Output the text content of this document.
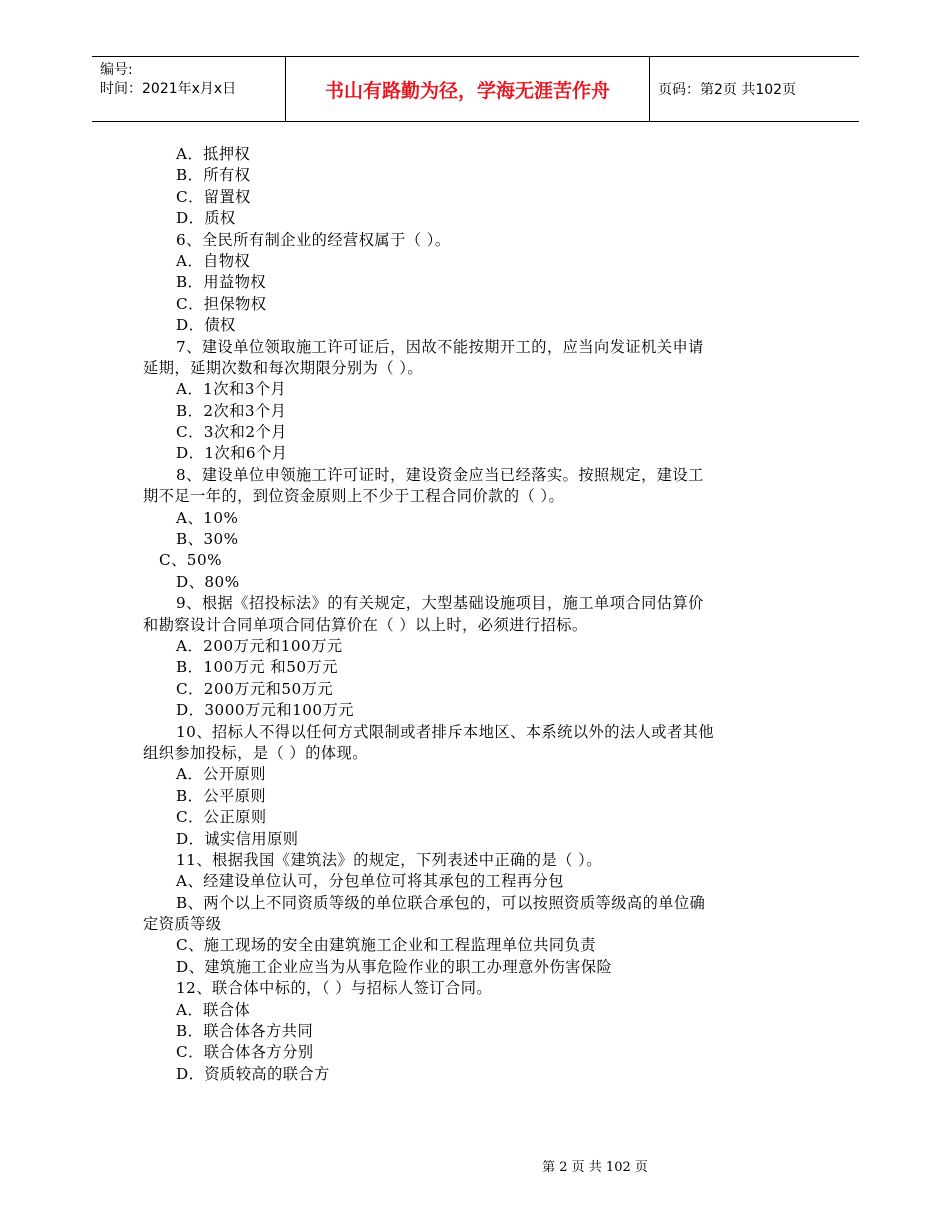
编号:
时间：2021年x月x日	书山有路勤为径，学海无涯苦作舟	页码：第2页 共102页
A．抵押权
B．所有权
C．留置权
D．质权
6、全民所有制企业的经营权属于（ ）。
A．自物权
B．用益物权
C．担保物权
D．债权
7、建设单位领取施工许可证后，因故不能按期开工的，应当向发证机关申请
延期，延期次数和每次期限分别为（ ）。
A．1次和3个月
B．2次和3个月
C．3次和2个月
D．1次和6个月
8、建设单位申领施工许可证时，建设资金应当已经落实。按照规定，建设工
期不足一年的，到位资金原则上不少于工程合同价款的（ ）。
A、10%
B、30%
C、50%
D、80%
9、根据《招投标法》的有关规定，大型基础设施项目，施工单项合同估算价
和勘察设计合同单项合同估算价在（ ）以上时，必须进行招标。
A．200万元和100万元
B．100万元 和50万元
C．200万元和50万元
D．3000万元和100万元
10、招标人不得以任何方式限制或者排斥本地区、本系统以外的法人或者其他
组织参加投标，是（ ）的体现。
A．公开原则
B．公平原则
C．公正原则
D．诚实信用原则
11、根据我国《建筑法》的规定，下列表述中正确的是（ ）。
A、经建设单位认可，分包单位可将其承包的工程再分包
B、两个以上不同资质等级的单位联合承包的，可以按照资质等级高的单位确
定资质等级
C、施工现场的安全由建筑施工企业和工程监理单位共同负责
D、建筑施工企业应当为从事危险作业的职工办理意外伤害保险
12、联合体中标的，（ ）与招标人签订合同。
A．联合体
B．联合体各方共同
C．联合体各方分别
D．资质较高的联合方
第 2 页 共 102 页
